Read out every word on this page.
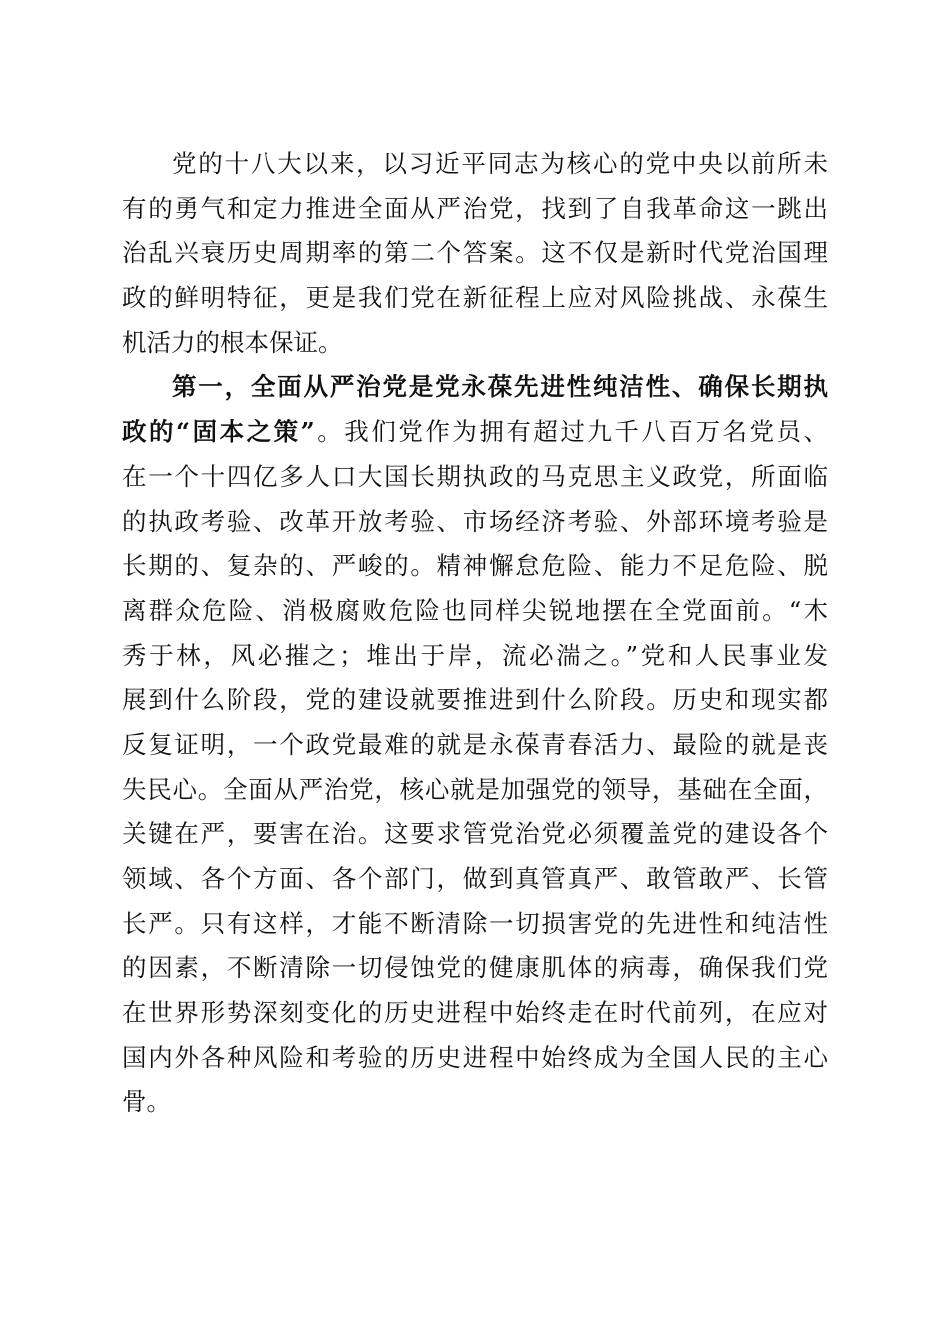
党的十八大以来，以习近平同志为核心的党中央以前所未
有的勇气和定力推进全面从严治党，找到了自我革命这一跳出
治乱兴衰历史周期率的第二个答案。这不仅是新时代党治国理
政的鲜明特征，更是我们党在新征程上应对风险挑战、永葆生
机活力的根本保证。
第一，全面从严治党是党永葆先进性纯洁性、确保长期执
政的“固本之策”。我们党作为拥有超过九千八百万名党员、
在一个十四亿多人口大国长期执政的马克思主义政党，所面临
的执政考验、改革开放考验、市场经济考验、外部环境考验是
长期的、复杂的、严峻的。精神懈怠危险、能力不足危险、脱
离群众危险、消极腐败危险也同样尖锐地摆在全党面前。“木
秀于林，风必摧之；堆出于岸，流必湍之。”党和人民事业发
展到什么阶段，党的建设就要推进到什么阶段。历史和现实都
反复证明，一个政党最难的就是永葆青春活力、最险的就是丧
失民心。全面从严治党，核心就是加强党的领导，基础在全面，
关键在严，要害在治。这要求管党治党必须覆盖党的建设各个
领域、各个方面、各个部门，做到真管真严、敢管敢严、长管
长严。只有这样，才能不断清除一切损害党的先进性和纯洁性
的因素，不断清除一切侵蚀党的健康肌体的病毒，确保我们党
在世界形势深刻变化的历史进程中始终走在时代前列，在应对
国内外各种风险和考验的历史进程中始终成为全国人民的主心
骨。
